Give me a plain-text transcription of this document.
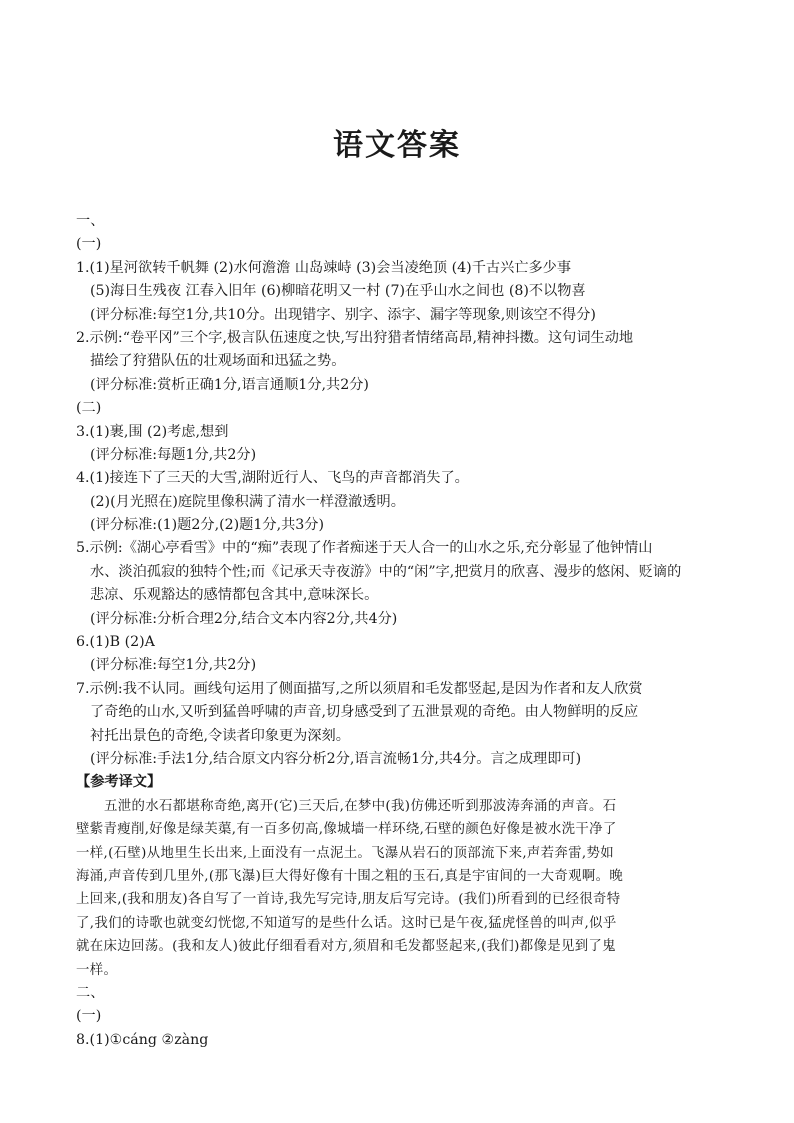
语文答案
一、
(一)
1.(1)星河欲转千帆舞 (2)水何澹澹 山岛竦峙 (3)会当凌绝顶 (4)千古兴亡多少事
(5)海日生残夜 江春入旧年 (6)柳暗花明又一村 (7)在乎山水之间也 (8)不以物喜
(评分标准:每空1分,共10分。出现错字、别字、添字、漏字等现象,则该空不得分)
2.示例:“卷平冈”三个字,极言队伍速度之快,写出狩猎者情绪高昂,精神抖擞。这句词生动地
描绘了狩猎队伍的壮观场面和迅猛之势。
(评分标准:赏析正确1分,语言通顺1分,共2分)
(二)
3.(1)裹,围 (2)考虑,想到
(评分标准:每题1分,共2分)
4.(1)接连下了三天的大雪,湖附近行人、飞鸟的声音都消失了。
(2)(月光照在)庭院里像积满了清水一样澄澈透明。
(评分标准:(1)题2分,(2)题1分,共3分)
5.示例:《湖心亭看雪》中的“痴”表现了作者痴迷于天人合一的山水之乐,充分彰显了他钟情山
水、淡泊孤寂的独特个性;而《记承天寺夜游》中的“闲”字,把赏月的欣喜、漫步的悠闲、贬谪的
悲凉、乐观豁达的感情都包含其中,意味深长。
(评分标准:分析合理2分,结合文本内容2分,共4分)
6.(1)B (2)A
(评分标准:每空1分,共2分)
7.示例:我不认同。画线句运用了侧面描写,之所以须眉和毛发都竖起,是因为作者和友人欣赏
了奇绝的山水,又听到猛兽呼啸的声音,切身感受到了五泄景观的奇绝。由人物鲜明的反应
衬托出景色的奇绝,令读者印象更为深刻。
(评分标准:手法1分,结合原文内容分析2分,语言流畅1分,共4分。言之成理即可)
【参考译文】
五泄的水石都堪称奇绝,离开(它)三天后,在梦中(我)仿佛还听到那波涛奔涌的声音。石
壁紫青瘦削,好像是绿芙蕖,有一百多仞高,像城墙一样环绕,石壁的颜色好像是被水洗干净了
一样,(石壁)从地里生长出来,上面没有一点泥土。飞瀑从岩石的顶部流下来,声若奔雷,势如
海涌,声音传到几里外,(那飞瀑)巨大得好像有十围之粗的玉石,真是宇宙间的一大奇观啊。晚
上回来,(我和朋友)各自写了一首诗,我先写完诗,朋友后写完诗。(我们)所看到的已经很奇特
了,我们的诗歌也就变幻恍惚,不知道写的是些什么话。这时已是午夜,猛虎怪兽的叫声,似乎
就在床边回荡。(我和友人)彼此仔细看看对方,须眉和毛发都竖起来,(我们)都像是见到了鬼
一样。
二、
(一)
8.(1)①cáng ②zàng
